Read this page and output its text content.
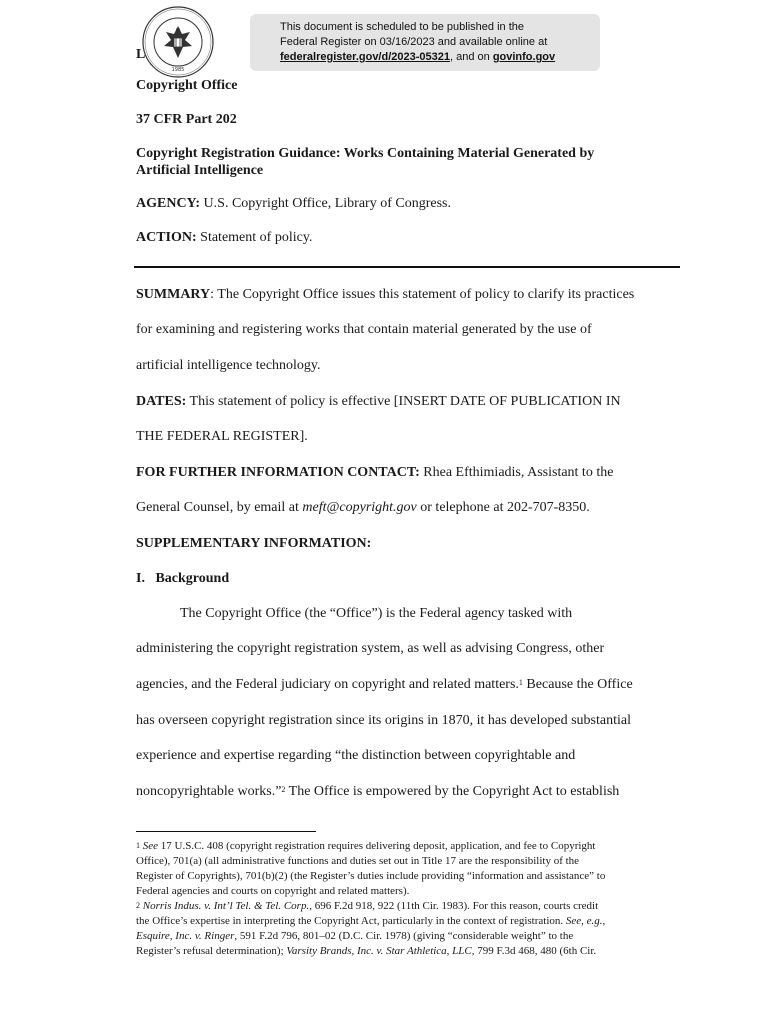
1985
This document is scheduled to be published in the
Federal Register on 03/16/2023 and available online at
federalregister.gov/d/2023-05321, and on govinfo.gov
L
Copyright Office
37 CFR Part 202
Copyright Registration Guidance: Works Containing Material Generated by
Artificial Intelligence
AGENCY: U.S. Copyright Office, Library of Congress.
ACTION: Statement of policy.
SUMMARY: The Copyright Office issues this statement of policy to clarify its practices
for examining and registering works that contain material generated by the use of
artificial intelligence technology.
DATES: This statement of policy is effective [INSERT DATE OF PUBLICATION IN
THE FEDERAL REGISTER].
FOR FURTHER INFORMATION CONTACT: Rhea Efthimiadis, Assistant to the
General Counsel, by email at meft@copyright.gov or telephone at 202-707-8350.
SUPPLEMENTARY INFORMATION:
I.   Background
The Copyright Office (the “Office”) is the Federal agency tasked with
administering the copyright registration system, as well as advising Congress, other
agencies, and the Federal judiciary on copyright and related matters.$^1$ Because the Office
has overseen copyright registration since its origins in 1870, it has developed substantial
experience and expertise regarding “the distinction between copyrightable and
noncopyrightable works.”$^2$ The Office is empowered by the Copyright Act to establish
$^1$ See 17 U.S.C. 408 (copyright registration requires delivering deposit, application, and fee to Copyright
Office), 701(a) (all administrative functions and duties set out in Title 17 are the responsibility of the
Register of Copyrights), 701(b)(2) (the Register’s duties include providing “information and assistance” to
Federal agencies and courts on copyright and related matters).
$^2$ Norris Indus. v. Int’l Tel. & Tel. Corp., 696 F.2d 918, 922 (11th Cir. 1983). For this reason, courts credit
the Office’s expertise in interpreting the Copyright Act, particularly in the context of registration. See, e.g.,
Esquire, Inc. v. Ringer, 591 F.2d 796, 801–02 (D.C. Cir. 1978) (giving “considerable weight” to the
Register’s refusal determination); Varsity Brands, Inc. v. Star Athletica, LLC, 799 F.3d 468, 480 (6th Cir.
